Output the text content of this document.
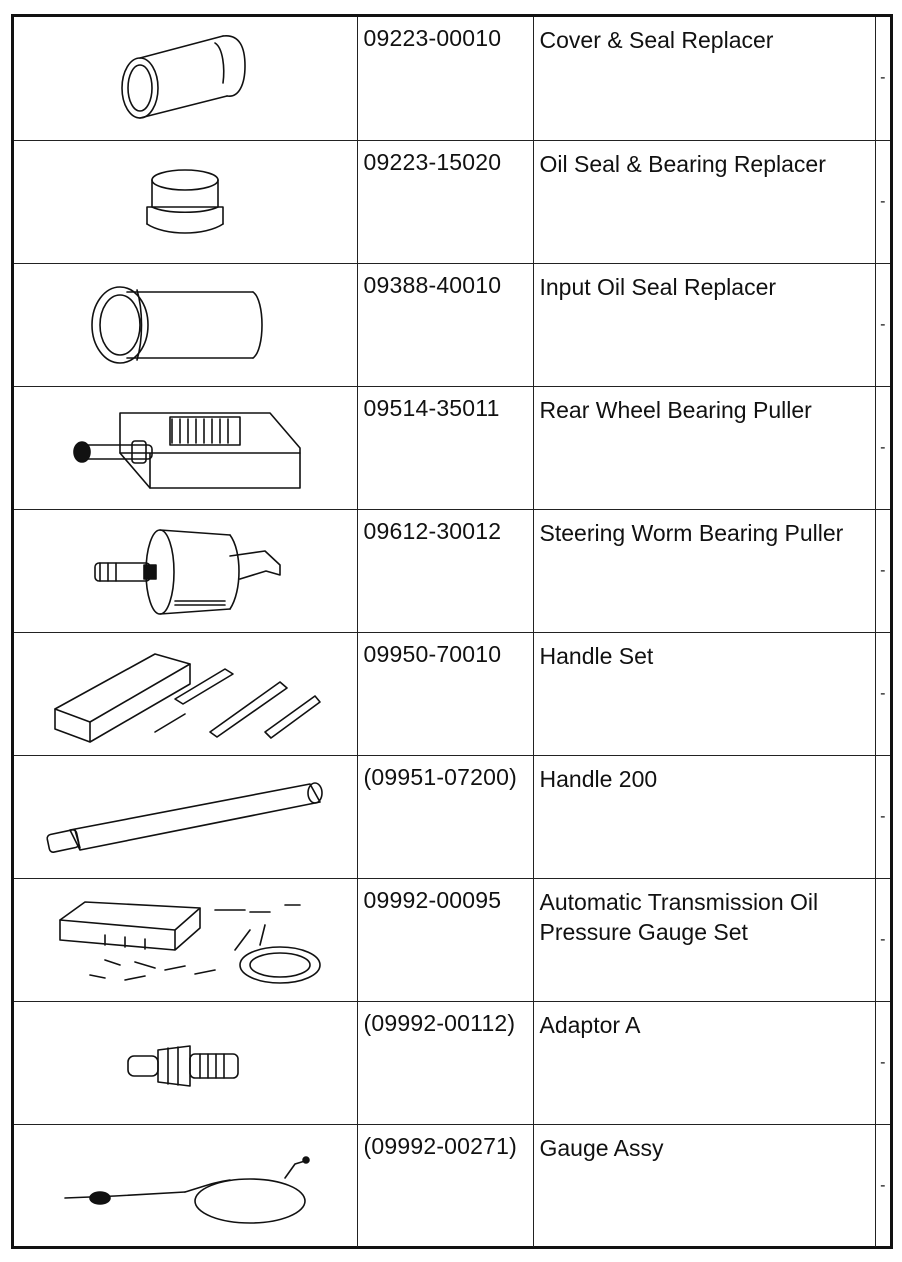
	09223-00010	Cover & Seal Replacer	-

	09223-15020	Oil Seal & Bearing Replacer	-

	09388-40010	Input Oil Seal Replacer	-

	09514-35011	Rear Wheel Bearing Puller	-

	09612-30012	Steering Worm Bearing Puller	-

	09950-70010	Handle Set	-

	(09951-07200)	Handle 200	-

	09992-00095	Automatic Transmission Oil Pressure Gauge Set	-

	(09992-00112)	Adaptor A	-

	(09992-00271)	Gauge Assy	-
